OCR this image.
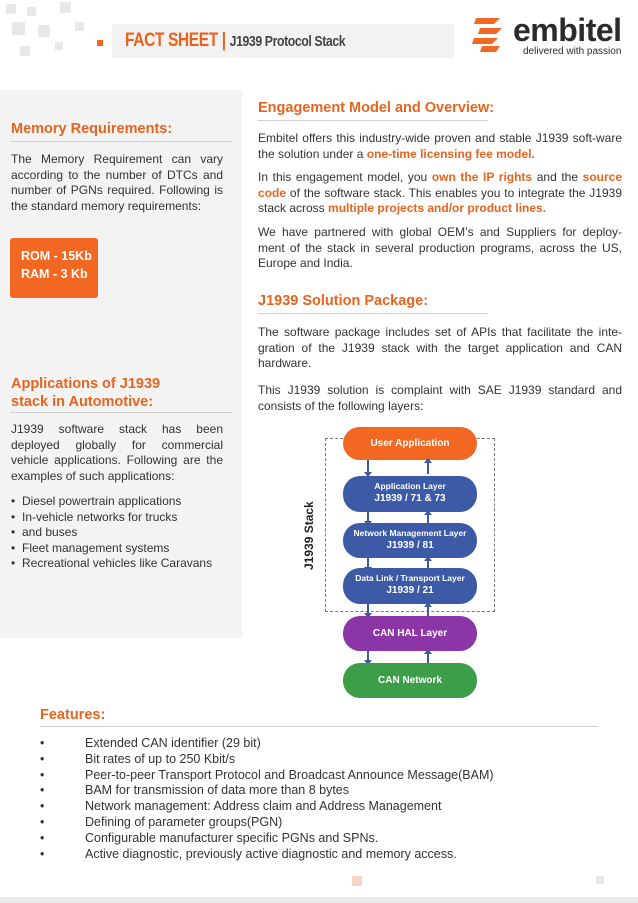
FACT SHEET | J1939 Protocol Stack	embitel
delivered with passion
Memory Requirements:
The Memory Requirement can vary according to the number of DTCs and number of PGNs required. Following is the standard memory requirements:
ROM - 15Kb
RAM - 3 Kb
Applications of J1939
stack in Automotive:
J1939 software stack has been deployed globally for commercial vehicle applications. Following are the examples of such applications:
• Diesel powertrain applications
• In-vehicle networks for trucks
• and buses
• Fleet management systems
• Recreational vehicles like Caravans
Engagement Model and Overview:
Embitel offers this industry-wide proven and stable J1939 soft-ware the solution under a one-time licensing fee model.
In this engagement model, you own the IP rights and the source code of the software stack. This enables you to integrate the J1939 stack across multiple projects and/or product lines.
We have partnered with global OEM’s and Suppliers for deploy-ment of the stack in several production programs, across the US, Europe and India.
J1939 Solution Package:
The software package includes set of APIs that facilitate the inte-gration of the J1939 stack with the target application and CAN hardware.
This J1939 solution is complaint with SAE J1939 standard and consists of the following layers:
J1939 Stack
User Application
Application Layer
J1939 / 71 & 73
Network Management Layer
J1939 / 81
Data Link / Transport Layer
J1939 / 21
CAN HAL Layer
CAN Network
Features:
• Extended CAN identifier (29 bit)
• Bit rates of up to 250 Kbit/s
• Peer-to-peer Transport Protocol and Broadcast Announce Message(BAM)
• BAM for transmission of data more than 8 bytes
• Network management: Address claim and Address Management
• Defining of parameter groups(PGN)
• Configurable manufacturer specific PGNs and SPNs.
• Active diagnostic, previously active diagnostic and memory access.
